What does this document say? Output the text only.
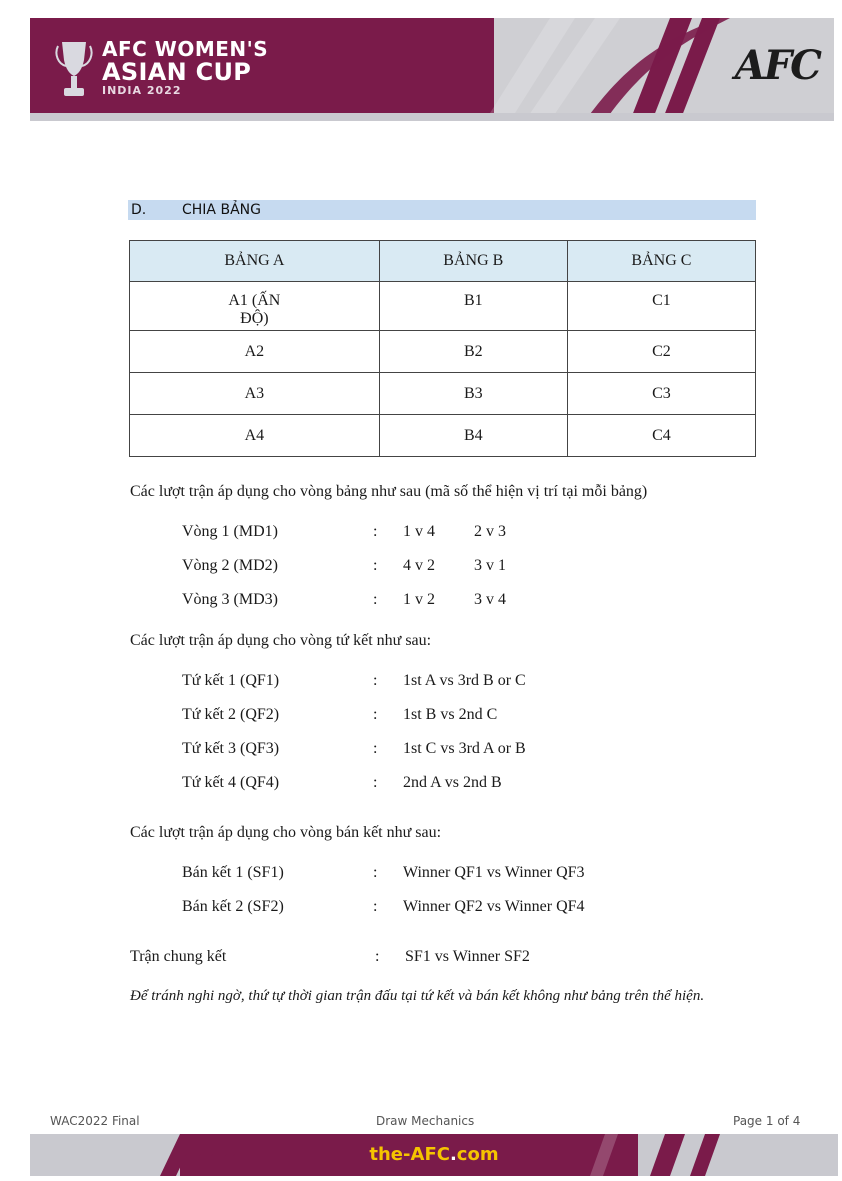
AFC WOMEN'S
ASIAN CUP
INDIA 2022
AFC
D.	CHIA BẢNG
BẢNG A	BẢNG B	BẢNG C
A1 (ẤN ĐỘ)	B1	C1
A2	B2	C2
A3	B3	C3
A4	B4	C4
Các lượt trận áp dụng cho vòng bảng như sau (mã số thể hiện vị trí tại mỗi bảng)
Vòng 1 (MD1)	: 1 v 4 2 v 3
Vòng 2 (MD2)	: 4 v 2 3 v 1
Vòng 3 (MD3)	: 1 v 2 3 v 4
Các lượt trận áp dụng cho vòng tứ kết như sau:
Tứ kết 1 (QF1)	: 1st A vs 3rd B or C
Tứ kết 2 (QF2)	: 1st B vs 2nd C
Tứ kết 3 (QF3)	: 1st C vs 3rd A or B
Tứ kết 4 (QF4)	: 2nd A vs 2nd B
Các lượt trận áp dụng cho vòng bán kết như sau:
Bán kết 1 (SF1)	: Winner QF1 vs Winner QF3
Bán kết 2 (SF2)	: Winner QF2 vs Winner QF4
Trận chung kết	: SF1 vs Winner SF2
Để tránh nghi ngờ, thứ tự thời gian trận đấu tại tứ kết và bán kết không như bảng trên thể hiện.
WAC2022 Final	Draw Mechanics	Page 1 of 4
the-AFC.com
